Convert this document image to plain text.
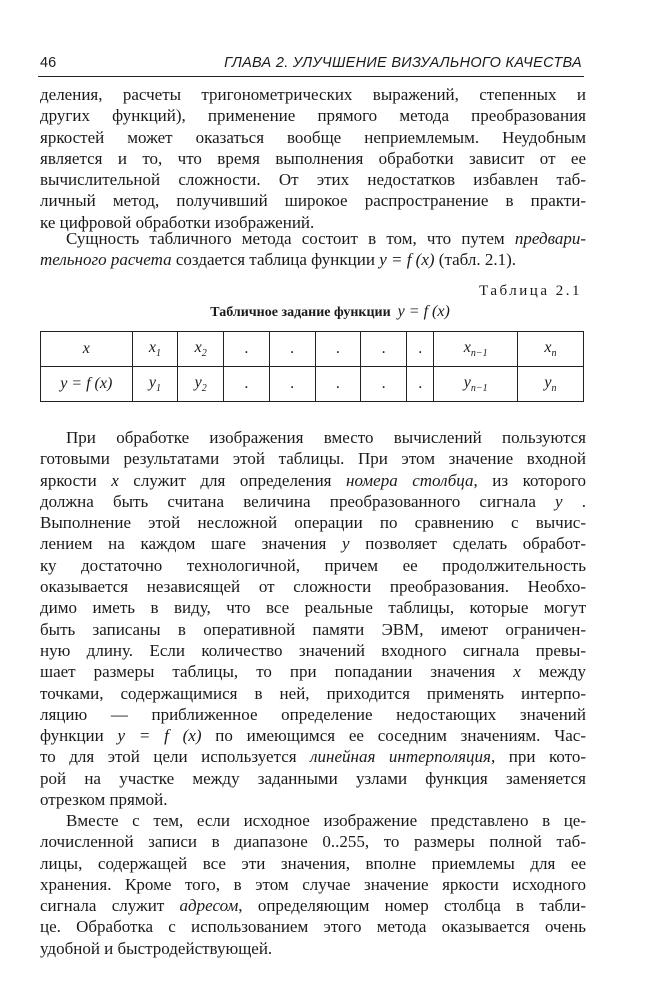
46	ГЛАВА 2. УЛУЧШЕНИЕ ВИЗУАЛЬНОГО КАЧЕСТВА
деления, расчеты тригонометрических выражений, степенных и
других функций), применение прямого метода преобразования
яркостей может оказаться вообще неприемлемым. Неудобным
является и то, что время выполнения обработки зависит от ее
вычислительной сложности. От этих недостатков избавлен таб-
личный метод, получивший широкое распространение в практи-
ке цифровой обработки изображений.
Сущность табличного метода состоит в том, что путем предвари-
тельного расчета создается таблица функции y = f (x) (табл. 2.1).
Таблица 2.1
Табличное задание функции y = f (x)
x	$x_1$	$x_2$	.	.	.	.	.	$x_{n-1}$	$x_n$
y = f (x)	$y_1$	$y_2$	.	.	.	.	.	$y_{n-1}$	$y_n$
При обработке изображения вместо вычислений пользуются
готовыми результатами этой таблицы. При этом значение входной
яркости x служит для определения номера столбца, из которого
должна быть считана величина преобразованного сигнала y .
Выполнение этой несложной операции по сравнению с вычис-
лением на каждом шаге значения y позволяет сделать обработ-
ку достаточно технологичной, причем ее продолжительность
оказывается независящей от сложности преобразования. Необхо-
димо иметь в виду, что все реальные таблицы, которые могут
быть записаны в оперативной памяти ЭВМ, имеют ограничен-
ную длину. Если количество значений входного сигнала превы-
шает размеры таблицы, то при попадании значения x между
точками, содержащимися в ней, приходится применять интерпо-
ляцию — приближенное определение недостающих значений
функции y = f (x) по имеющимся ее соседним значениям. Час-
то для этой цели используется линейная интерполяция, при кото-
рой на участке между заданными узлами функция заменяется
отрезком прямой.
Вместе с тем, если исходное изображение представлено в це-
лочисленной записи в диапазоне 0..255, то размеры полной таб-
лицы, содержащей все эти значения, вполне приемлемы для ее
хранения. Кроме того, в этом случае значение яркости исходного
сигнала служит адресом, определяющим номер столбца в табли-
це. Обработка с использованием этого метода оказывается очень
удобной и быстродействующей.
